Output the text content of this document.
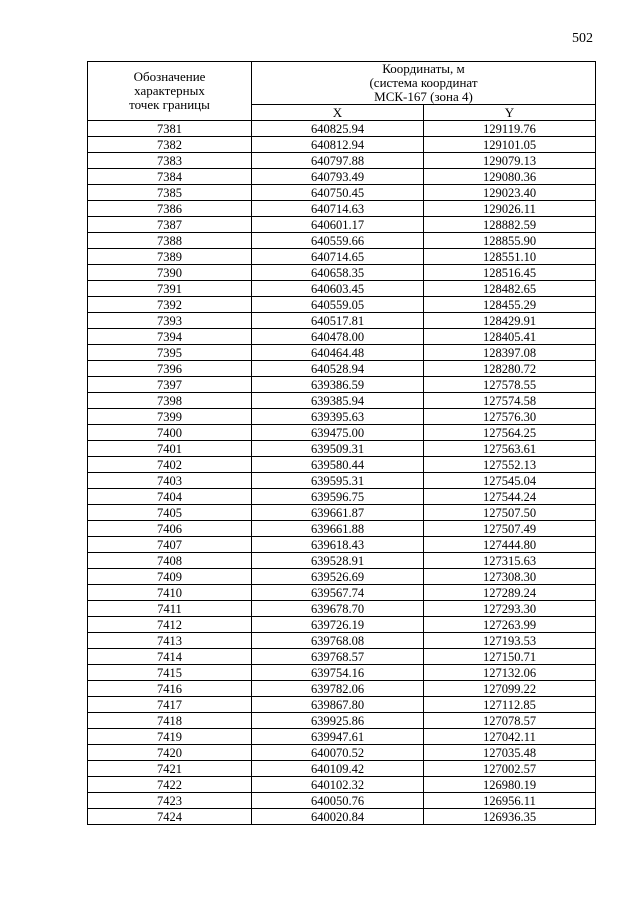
502
Обозначение
характерных
точек границы	Координаты, м
(система координат
МСК-167 (зона 4)	
	X	Y
7381	640825.94	129119.76
7382	640812.94	129101.05
7383	640797.88	129079.13
7384	640793.49	129080.36
7385	640750.45	129023.40
7386	640714.63	129026.11
7387	640601.17	128882.59
7388	640559.66	128855.90
7389	640714.65	128551.10
7390	640658.35	128516.45
7391	640603.45	128482.65
7392	640559.05	128455.29
7393	640517.81	128429.91
7394	640478.00	128405.41
7395	640464.48	128397.08
7396	640528.94	128280.72
7397	639386.59	127578.55
7398	639385.94	127574.58
7399	639395.63	127576.30
7400	639475.00	127564.25
7401	639509.31	127563.61
7402	639580.44	127552.13
7403	639595.31	127545.04
7404	639596.75	127544.24
7405	639661.87	127507.50
7406	639661.88	127507.49
7407	639618.43	127444.80
7408	639528.91	127315.63
7409	639526.69	127308.30
7410	639567.74	127289.24
7411	639678.70	127293.30
7412	639726.19	127263.99
7413	639768.08	127193.53
7414	639768.57	127150.71
7415	639754.16	127132.06
7416	639782.06	127099.22
7417	639867.80	127112.85
7418	639925.86	127078.57
7419	639947.61	127042.11
7420	640070.52	127035.48
7421	640109.42	127002.57
7422	640102.32	126980.19
7423	640050.76	126956.11
7424	640020.84	126936.35
